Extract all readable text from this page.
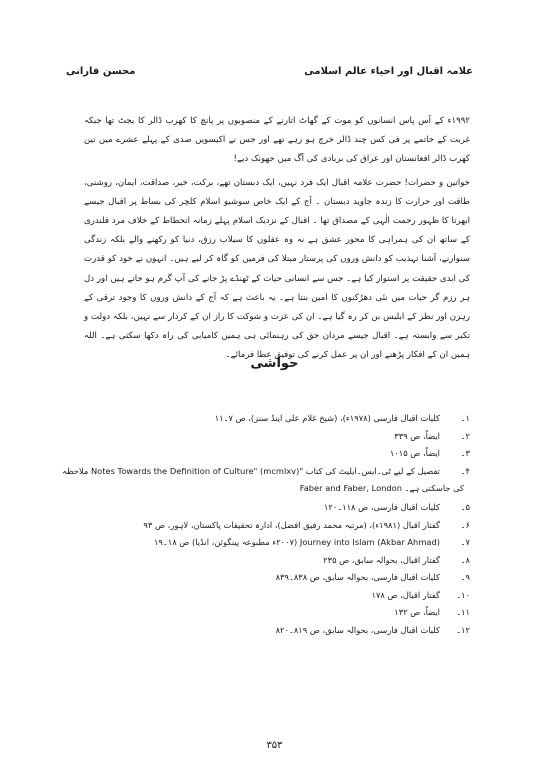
علامہ اقبال اور احیاء عالم اسلامی
محسن فارانی

۱۹۹۲ء کے آس پاس انسانوں کو موت کے گھاٹ اتارنے کے منصوبوں پر پانچ کا کھرب ڈالر کا بجٹ تھا جبکہ غربت کے خاتمے پر فی کس چند ڈالر خرچ ہو رہے تھے اور جس نے اکیسویں صدی کے پہلے عشرے میں تین کھرب ڈالر افغانستان اور عراق کی بربادی کی آگ میں جھونک دیے!

خواتین و حضرات! حضرت علامہ اقبال ایک فرد نہیں، ایک دبستان تھے، برکت، خیر، صداقت، ایمان، روشنی، طاقت اور حرارت کا زندہ جاوید دبستان ۔ آج کے ایک خاص سوشیو اسلام کلچر کی بساط پر اقبال جیسے ابھرتا کا ظہور رحمت الٰہی کے مصداق تھا ۔ اقبال کے نزدیک اسلام پہلے زمانہ انحطاط کے خلاف مرد قلندری کے ساتھ ان کی ہمراہی کا محور عشق ہے نہ وہ عقلوں کا سیلاب رزق، دنیا کو رکھنے والے بلکہ زندگی سنوارنے، آشنا تہذیب کو دانش وروں کی پرستار مبتلا کی فرمیں کو گاہ کر لیے ہیں۔ انہوں نے خود کو قدرت کی ابدی حقیقت پر استوار کیا ہے۔ جس سے انسانی حیات کے ٹھنڈے پڑ جانے کی آپ گرم ہو جاتے ہیں اور دل ہر رزم گر حیات میں نئی دھڑکنوں کا امین بنتا ہے۔ یہ باعث ہے کہ آج کے دانش وروں کا وجود ترقی کے رہزن اور نظر کے ابلیس بن کر رہ گیا ہے۔ ان کی عزت و شوکت کا راز ان کے کردار سے نہیں، بلکہ دولت و تکبر سے وابستہ ہے۔ اقبال جیسے مردان حق کی رہنمائی ہی ہمیں کامیابی کی راہ دکھا سکتی ہے۔ اللہ ہمیں ان کے افکار پڑھنے اور ان پر عمل کرنے کی توفیق عطا فرمائے۔

حواشی
۱۔
کلیات اقبال فارسی (۱۹۷۸ء)، (شیخ غلام علی اینڈ سنز)، ص ۷۔۱۱
۲۔
ایضاً، ص ۳۳۹
۳۔
ایضاً، ص ۱۰۱۵
۴۔
تفصیل کے لیے ٹی۔ایس۔ایلیٹ کی کتاب "Notes Towards the Definition of Culture" (mcmlxv) ملاحظہ
کی جاسکتی ہے۔ Faber and Faber, London
۵۔
کلیات اقبال فارسی، ص ۱۱۸۔۱۲۰
۶۔
گفتار اقبال (۱۹۸۱ء)، (مرتبہ محمد رفیق افضل)، ادارہ تحقیقات پاکستان، لاہور، ص ۹۳
۷۔
(Akbar Ahmad) Journey into Islam (۲۰۰۷ء مطبوعہ پینگوئن، انڈیا) ص ۱۸۔۱۹
۸۔
گفتار اقبال، بحوالہ سابق، ص ۲۳۵
۹۔
کلیات اقبال فارسی، بحوالہ سابق، ص ۸۳۸۔۸۳۹
۱۰۔
گفتار اقبال، ص ۱۷۸
۱۱۔
ایضاً، ص ۱۳۲
۱۲۔
کلیات اقبال فارسی، بحوالہ سابق، ص ۸۱۹۔۸۲۰
۳۵۳
